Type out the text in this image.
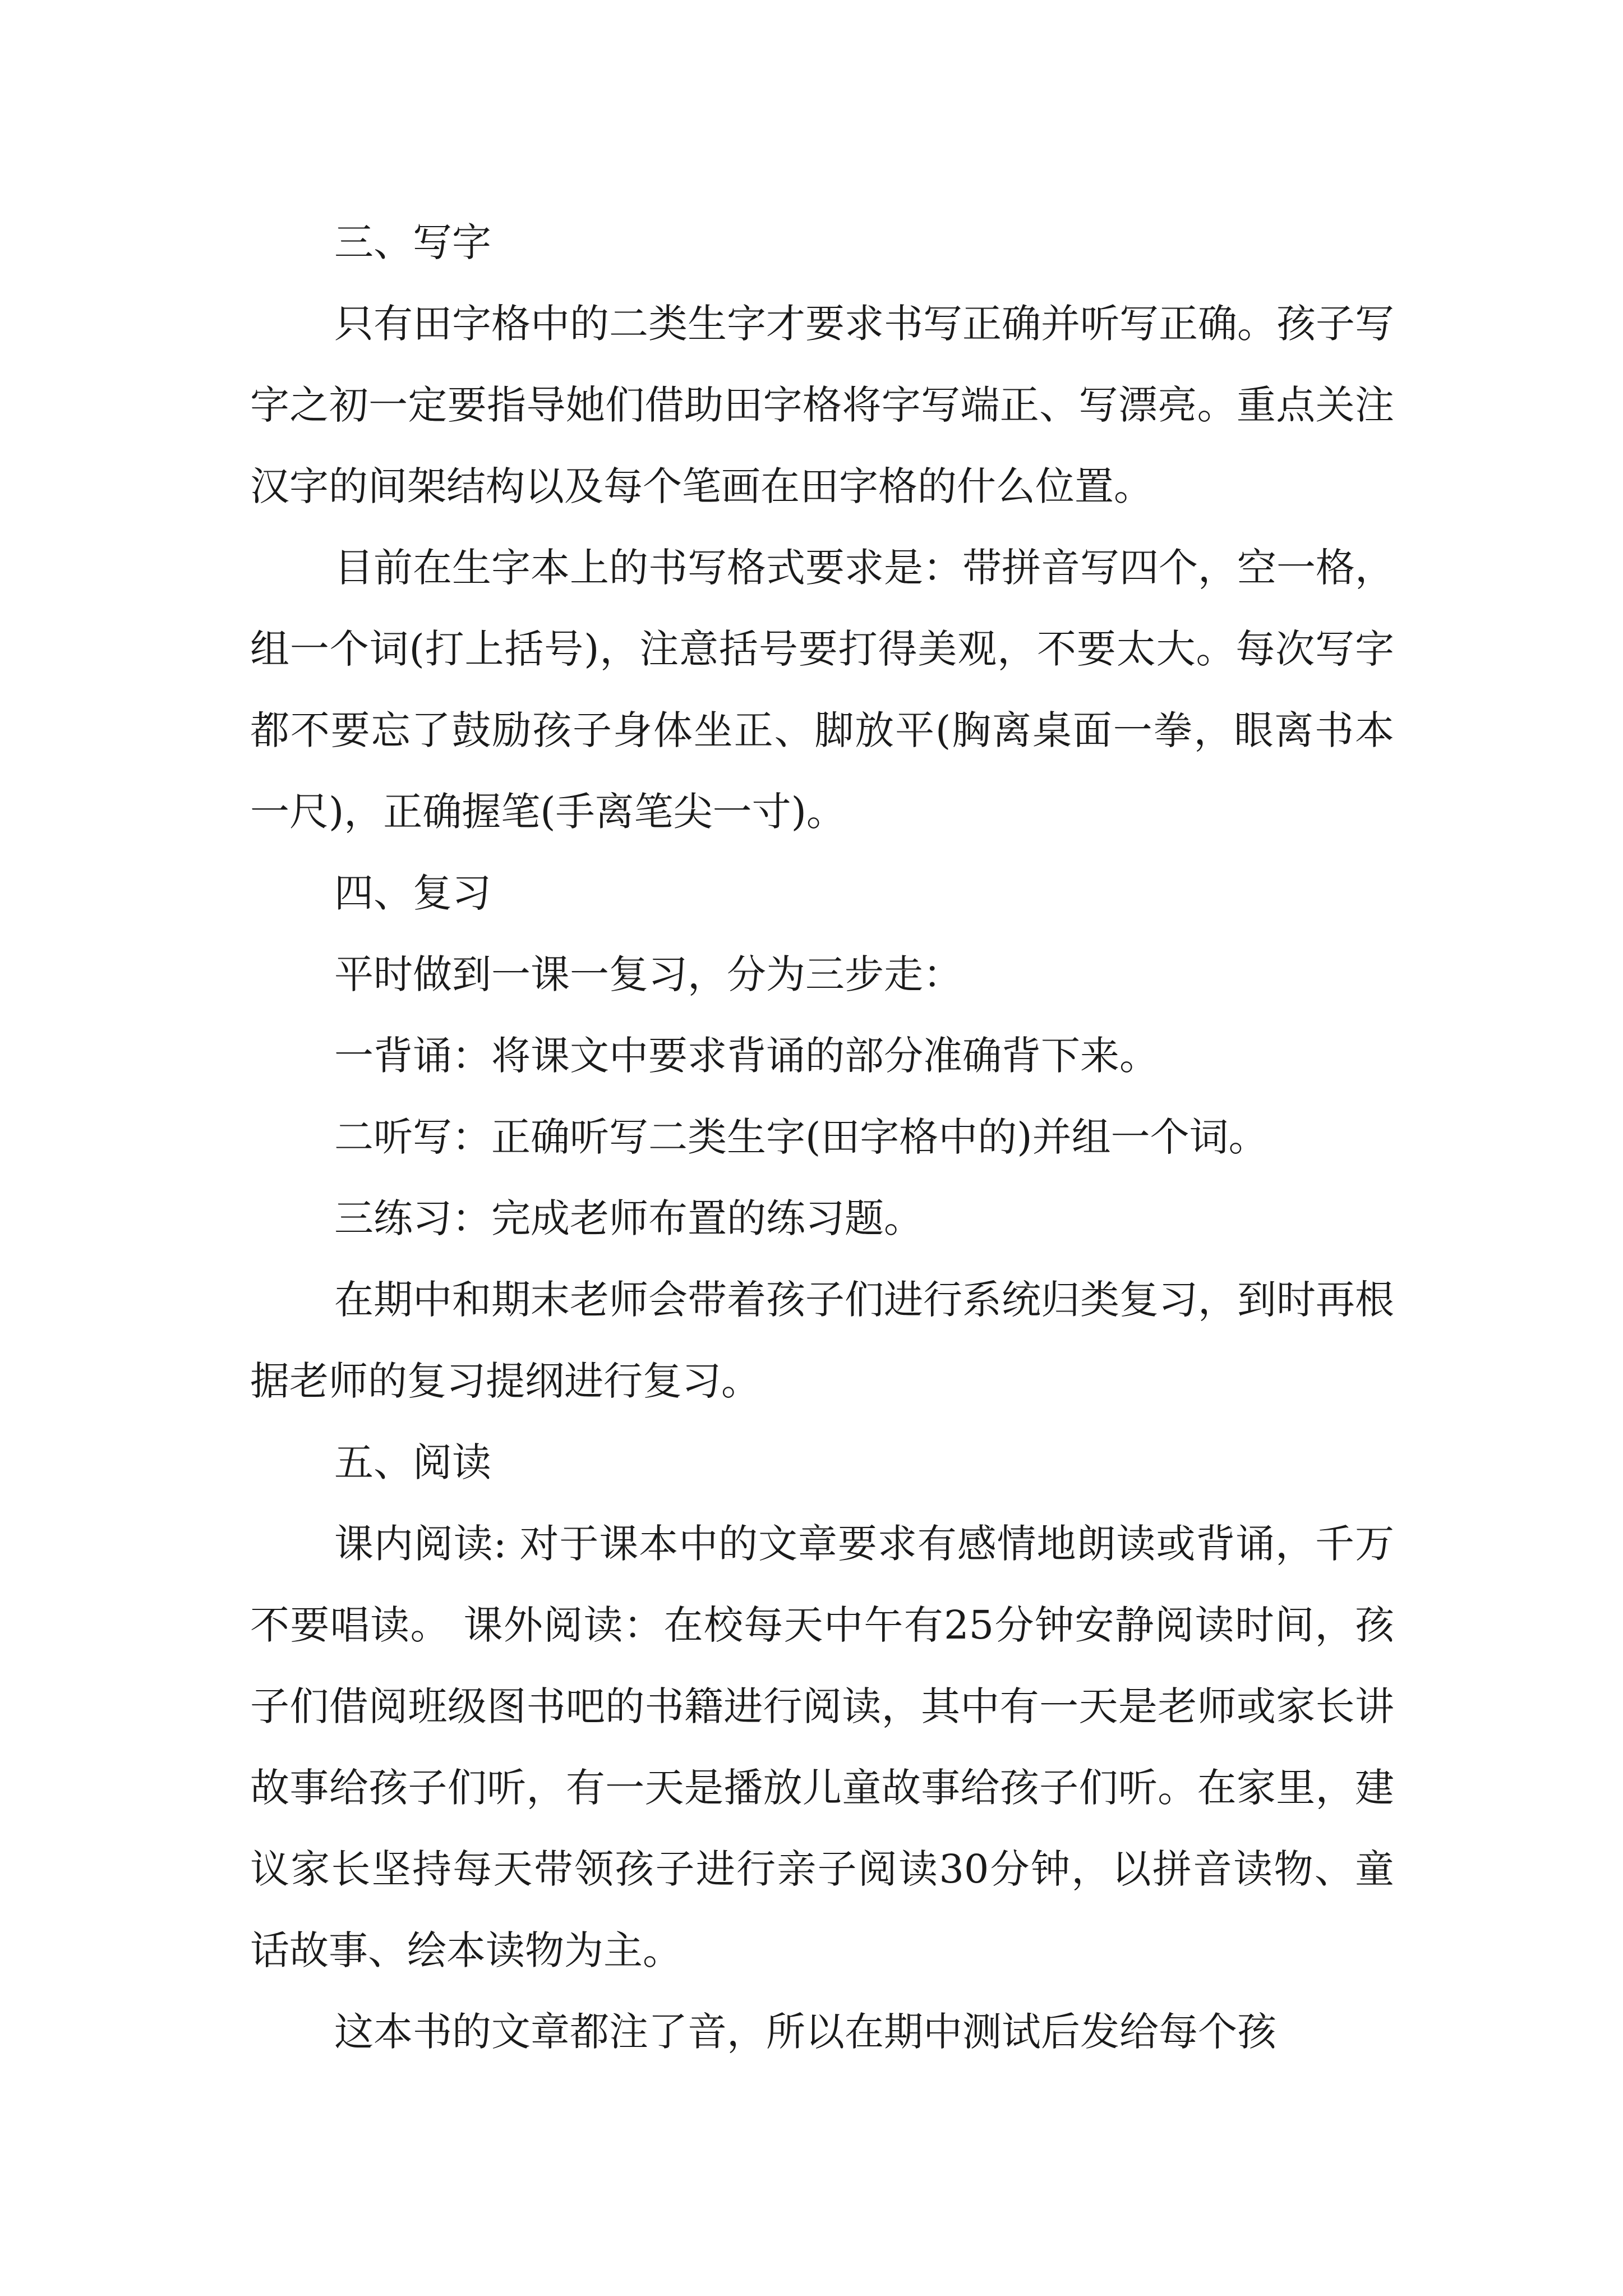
三、写字

只有田字格中的二类生字才要求书写正确并听写正确。孩子写字之初一定要指导她们借助田字格将字写端正、写漂亮。重点关注汉字的间架结构以及每个笔画在田字格的什么位置。

目前在生字本上的书写格式要求是：带拼音写四个，空一格，组一个词(打上括号)，注意括号要打得美观，不要太大。每次写字都不要忘了鼓励孩子身体坐正、脚放平(胸离桌面一拳，眼离书本一尺)，正确握笔(手离笔尖一寸)。

四、复习

平时做到一课一复习，分为三步走：

一背诵：将课文中要求背诵的部分准确背下来。

二听写：正确听写二类生字(田字格中的)并组一个词。

三练习：完成老师布置的练习题。

在期中和期末老师会带着孩子们进行系统归类复习，到时再根据老师的复习提纲进行复习。

五、阅读

课内阅读: 对于课本中的文章要求有感情地朗读或背诵，千万不要唱读。 课外阅读：在校每天中午有25分钟安静阅读时间，孩子们借阅班级图书吧的书籍进行阅读，其中有一天是老师或家长讲故事给孩子们听，有一天是播放儿童故事给孩子们听。在家里，建议家长坚持每天带领孩子进行亲子阅读30分钟，以拼音读物、童话故事、绘本读物为主。

这本书的文章都注了音，所以在期中测试后发给每个孩
